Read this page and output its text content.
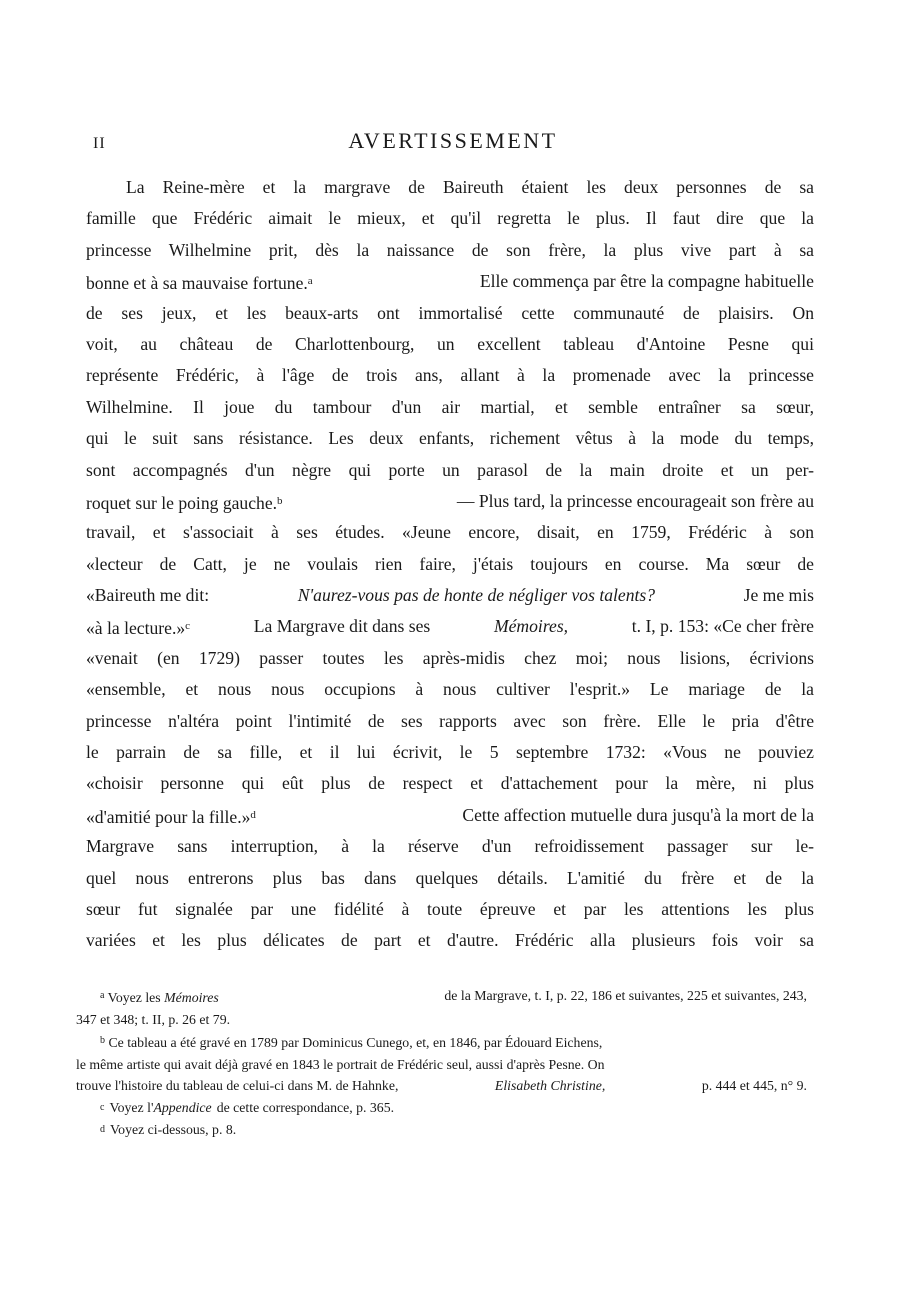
II	AVERTISSEMENT
La Reine-mère et la margrave de Baireuth étaient les deux personnes de sa
famille que Frédéric aimait le mieux, et qu'il regretta le plus. Il faut dire que la
princesse Wilhelmine prit, dès la naissance de son frère, la plus vive part à sa
bonne et à sa mauvaise fortune.$^a$	Elle commença par être la compagne habituelle
de ses jeux, et les beaux-arts ont immortalisé cette communauté de plaisirs. On
voit, au château de Charlottenbourg, un excellent tableau d'Antoine Pesne qui
représente Frédéric, à l'âge de trois ans, allant à la promenade avec la princesse
Wilhelmine. Il joue du tambour d'un air martial, et semble entraîner sa sœur,
qui le suit sans résistance. Les deux enfants, richement vêtus à la mode du temps,
sont accompagnés d'un nègre qui porte un parasol de la main droite et un per-
roquet sur le poing gauche.$^b$	— Plus tard, la princesse encourageait son frère au
travail, et s'associait à ses études. «Jeune encore, disait, en 1759, Frédéric à son
«lecteur de Catt, je ne voulais rien faire, j'étais toujours en course. Ma sœur de
«Baireuth me dit:	N'aurez-vous pas de honte de négliger vos talents?	Je me mis
«à la lecture.»$^c$	La Margrave dit dans ses	Mémoires,	t. I, p. 153: «Ce cher frère
«venait (en 1729) passer toutes les après-midis chez moi; nous lisions, écrivions
«ensemble, et nous nous occupions à nous cultiver l'esprit.» Le mariage de la
princesse n'altéra point l'intimité de ses rapports avec son frère. Elle le pria d'être
le parrain de sa fille, et il lui écrivit, le 5 septembre 1732: «Vous ne pouviez
«choisir personne qui eût plus de respect et d'attachement pour la mère, ni plus
«d'amitié pour la fille.»$^d$	Cette affection mutuelle dura jusqu'à la mort de la
Margrave sans interruption, à la réserve d'un refroidissement passager sur le-
quel nous entrerons plus bas dans quelques détails. L'amitié du frère et de la
sœur fut signalée par une fidélité à toute épreuve et par les attentions les plus
variées et les plus délicates de part et d'autre. Frédéric alla plusieurs fois voir sa
$^a$ Voyez les Mémoires	de la Margrave, t. I, p. 22, 186 et suivantes, 225 et suivantes, 243,
347 et 348; t. II, p. 26 et 79.
$^b$ Ce tableau a été gravé en 1789 par Dominicus Cunego, et, en 1846, par Édouard Eichens,
le même artiste qui avait déjà gravé en 1843 le portrait de Frédéric seul, aussi d'après Pesne. On
trouve l'histoire du tableau de celui-ci dans M. de Hahnke,	Elisabeth Christine,	p. 444 et 445, n° 9.
c Voyez l'Appendice de cette correspondance, p. 365.
d Voyez ci-dessous, p. 8.
